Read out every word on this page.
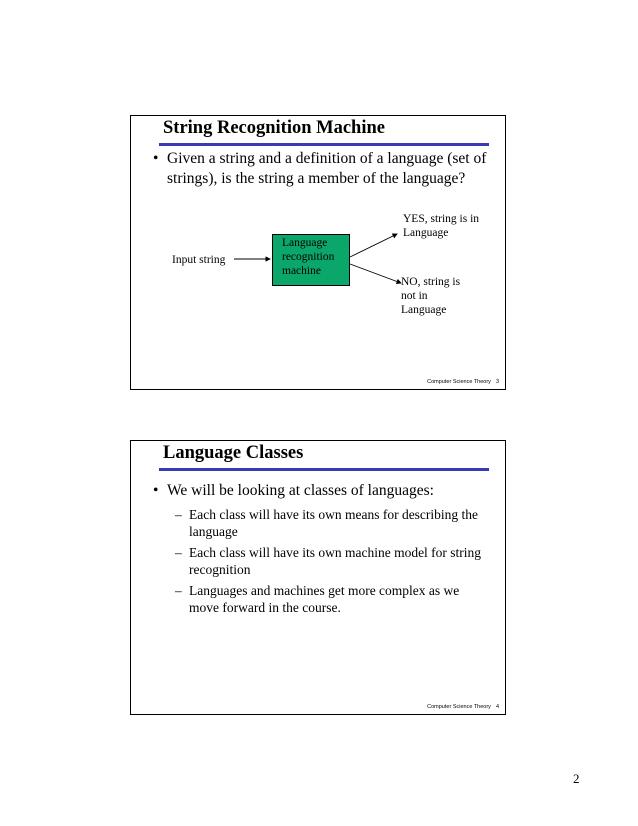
String Recognition Machine
• Given a string and a definition of a language (set of strings), is the string a member of the language?
Input string
Language
recognition
machine
YES, string is in Language
NO, string is not in Language
Computer Science Theory 3
Language Classes
• We will be looking at classes of languages:
– Each class will have its own means for describing the language
– Each class will have its own machine model for string recognition
– Languages and machines get more complex as we move forward in the course.
Computer Science Theory 4
2
